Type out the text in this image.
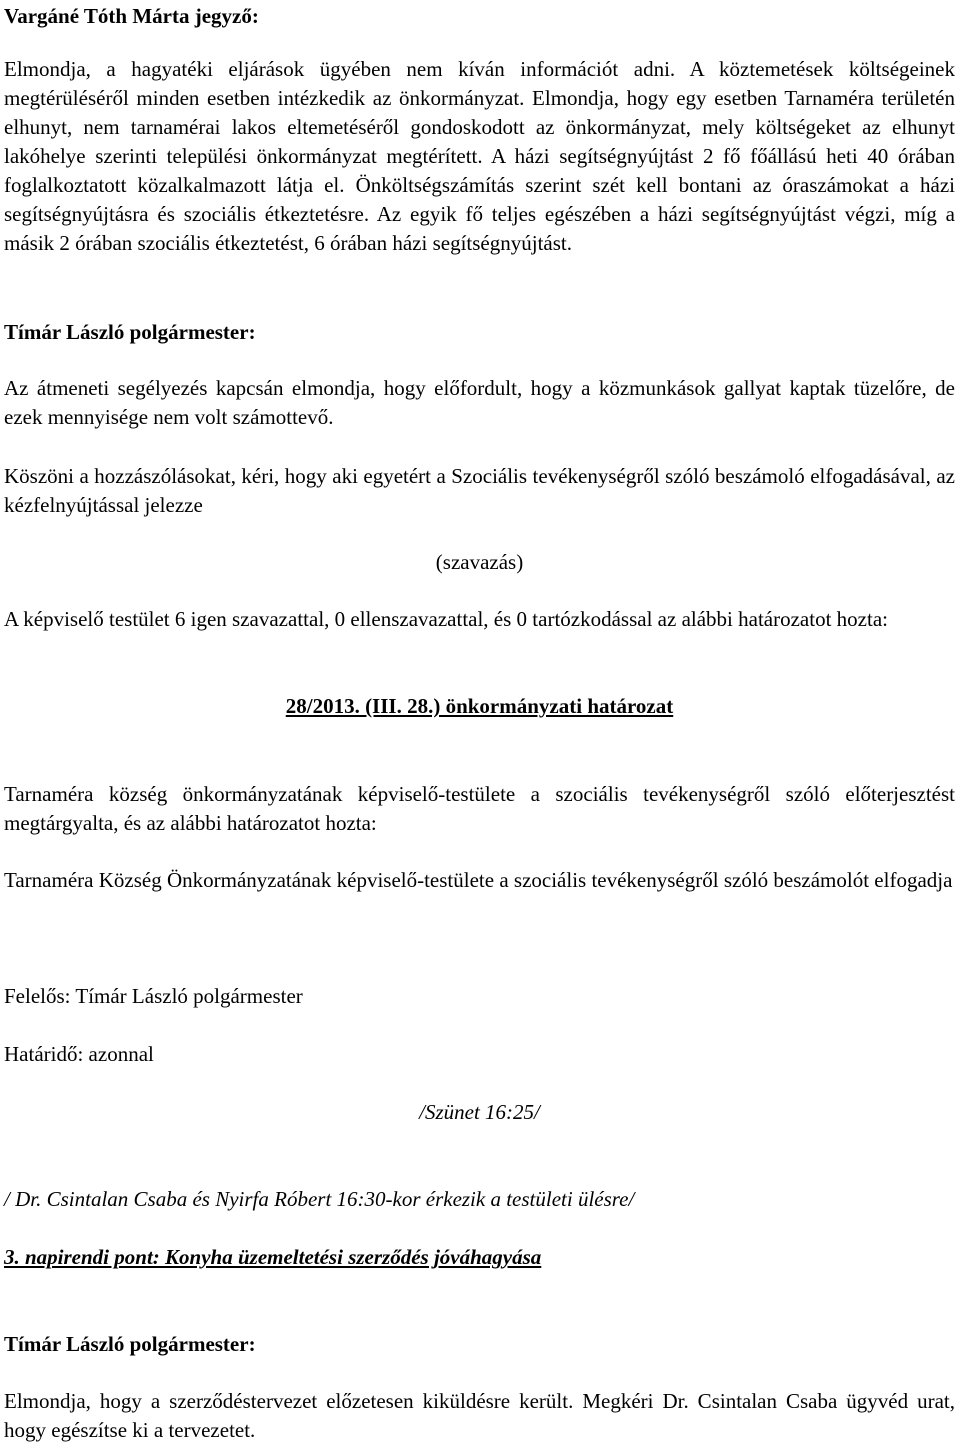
Vargáné Tóth Márta jegyző:

Elmondja, a hagyatéki eljárások ügyében nem kíván információt adni. A köztemetések költségeinek megtérüléséről minden esetben intézkedik az önkormányzat. Elmondja, hogy egy esetben Tarnaméra területén elhunyt, nem tarnamérai lakos eltemetéséről gondoskodott az önkormányzat, mely költségeket az elhunyt lakóhelye szerinti települési önkormányzat megtérített. A házi segítségnyújtást 2 fő főállású heti 40 órában foglalkoztatott közalkalmazott látja el. Önköltségszámítás szerint szét kell bontani az óraszámokat a házi segítségnyújtásra és szociális étkeztetésre. Az egyik fő teljes egészében a házi segítségnyújtást végzi, míg a másik 2 órában szociális étkeztetést, 6 órában házi segítségnyújtást.

Tímár László polgármester:

Az átmeneti segélyezés kapcsán elmondja, hogy előfordult, hogy a közmunkások gallyat kaptak tüzelőre, de ezek mennyisége nem volt számottevő.

Köszöni a hozzászólásokat, kéri, hogy aki egyetért a Szociális tevékenységről szóló beszámoló elfogadásával, az kézfelnyújtással jelezze

(szavazás)

A képviselő testület 6 igen szavazattal, 0 ellenszavazattal, és 0 tartózkodással az alábbi határozatot hozta:

28/2013. (III. 28.) önkormányzati határozat

Tarnaméra község önkormányzatának képviselő-testülete a szociális tevékenységről szóló előterjesztést megtárgyalta, és az alábbi határozatot hozta:

Tarnaméra Község Önkormányzatának képviselő-testülete a szociális tevékenységről szóló beszámolót elfogadja

Felelős: Tímár László polgármester

Határidő: azonnal

/Szünet 16:25/

/ Dr. Csintalan Csaba és Nyirfa Róbert 16:30-kor érkezik a testületi ülésre/

3. napirendi pont: Konyha üzemeltetési szerződés jóváhagyása

Tímár László polgármester:

Elmondja, hogy a szerződéstervezet előzetesen kiküldésre került. Megkéri Dr. Csintalan Csaba ügyvéd urat, hogy egészítse ki a tervezetet.
